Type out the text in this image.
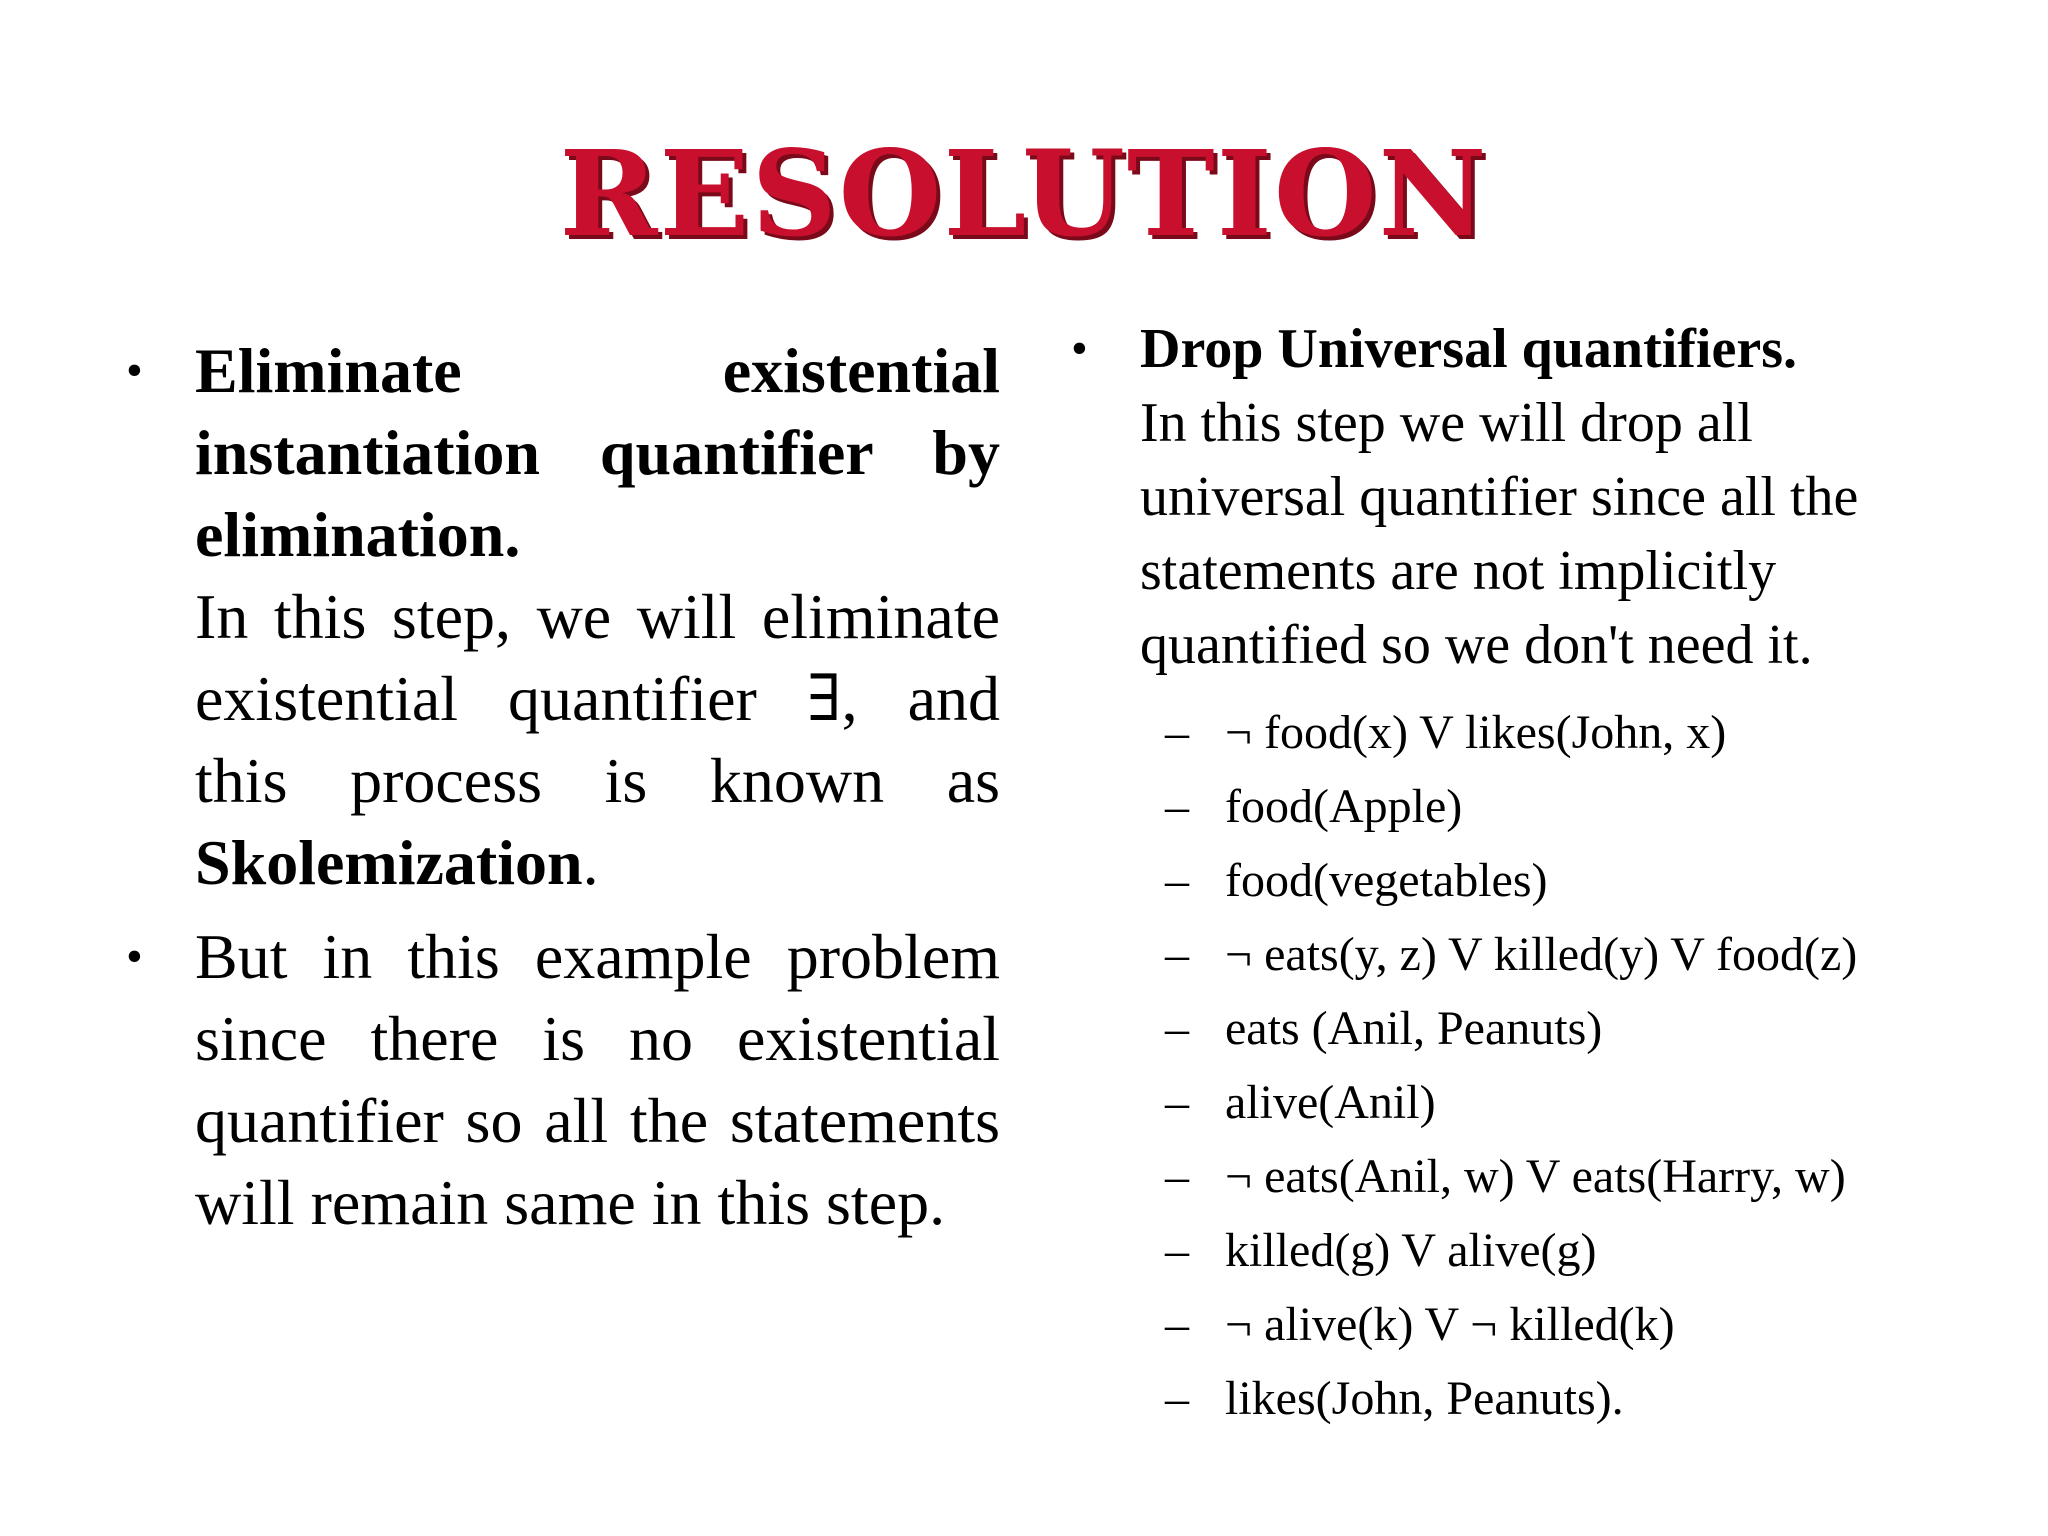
RESOLUTION
• Eliminate existential instantiation quantifier by elimination.
In this step, we will eliminate existential quantifier ∃, and this process is known as Skolemization.
• But in this example problem since there is no existential quantifier so all the statements will remain same in this step.
• Drop Universal quantifiers.
In this step we will drop all universal quantifier since all the statements are not implicitly quantified so we don't need it.
– ¬ food(x) V likes(John, x)
– food(Apple)
– food(vegetables)
– ¬ eats(y, z) V killed(y) V food(z)
– eats (Anil, Peanuts)
– alive(Anil)
– ¬ eats(Anil, w) V eats(Harry, w)
– killed(g) V alive(g)
– ¬ alive(k) V ¬ killed(k)
– likes(John, Peanuts).
